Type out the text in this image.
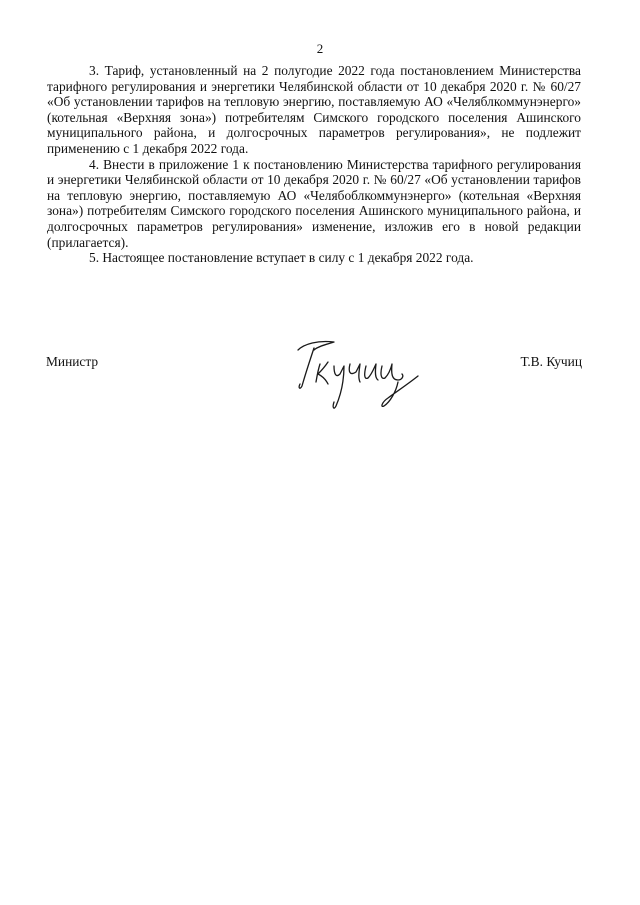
2

3. Тариф, установленный на 2 полугодие 2022 года постановлением Министерства тарифного регулирования и энергетики Челябинской области от 10 декабря 2020 г. № 60/27 «Об установлении тарифов на тепловую энергию, поставляемую АО «Челяблкоммунэнерго» (котельная «Верхняя зона») потребителям Симского городского поселения Ашинского муниципального района, и долгосрочных параметров регулирования», не подлежит применению с 1 декабря 2022 года.

4. Внести в приложение 1 к постановлению Министерства тарифного регулирования и энергетики Челябинской области от 10 декабря 2020 г. № 60/27 «Об установлении тарифов на тепловую энергию, поставляемую АО «Челябоблкоммунэнерго» (котельная «Верхняя зона») потребителям Симского городского поселения Ашинского муниципального района, и долгосрочных параметров регулирования» изменение, изложив его в новой редакции (прилагается).

5. Настоящее постановление вступает в силу с 1 декабря 2022 года.

Министр	Т.В. Кучиц
